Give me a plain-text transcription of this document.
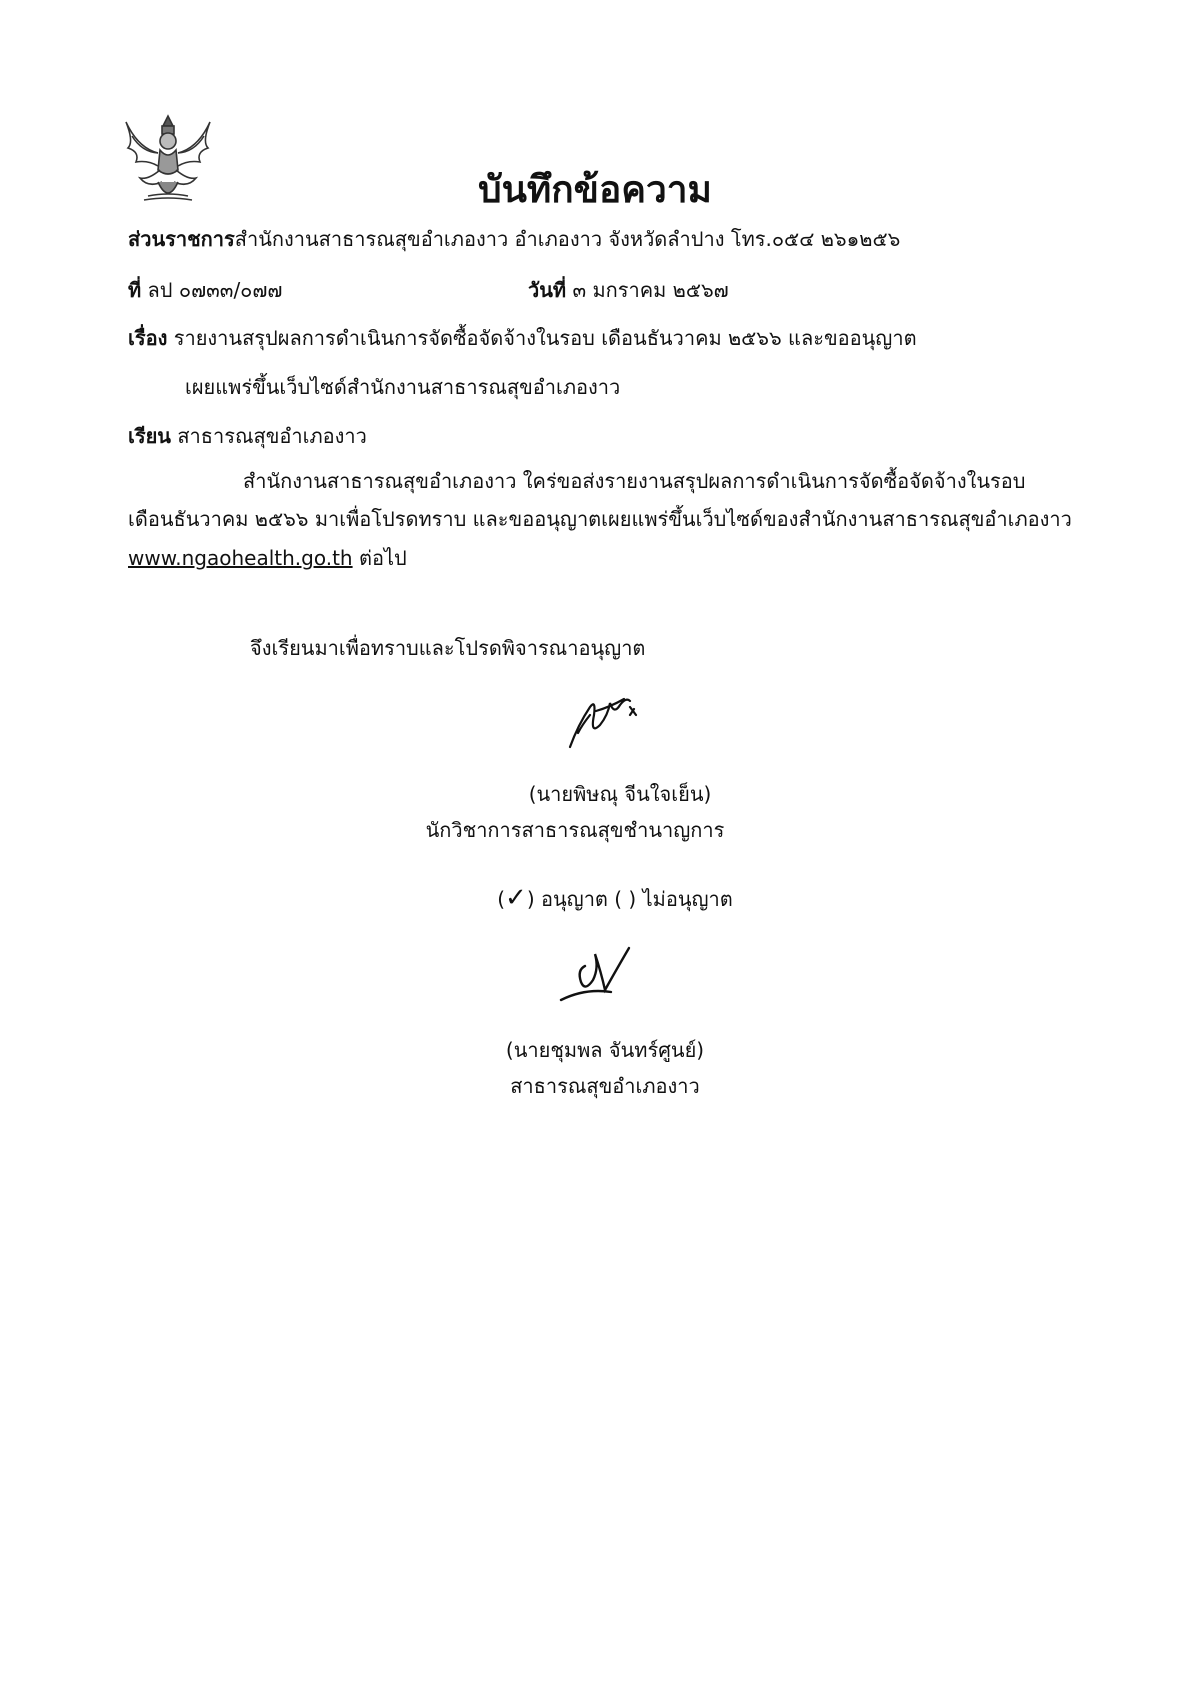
บันทึกข้อความ
ส่วนราชการสำนักงานสาธารณสุขอำเภองาว อำเภองาว จังหวัดลำปาง โทร.๐๕๔ ๒๖๑๒๕๖
ที่ ลป ๐๗๓๓/๐๗๗	วันที่ ๓ มกราคม ๒๕๖๗
เรื่อง รายงานสรุปผลการดำเนินการจัดซื้อจัดจ้างในรอบ เดือนธันวาคม ๒๕๖๖ และขออนุญาต
เผยแพร่ขึ้นเว็บไซด์สำนักงานสาธารณสุขอำเภองาว
เรียน สาธารณสุขอำเภองาว
สำนักงานสาธารณสุขอำเภองาว ใคร่ขอส่งรายงานสรุปผลการดำเนินการจัดซื้อจัดจ้างในรอบ
เดือนธันวาคม ๒๕๖๖ มาเพื่อโปรดทราบ และขออนุญาตเผยแพร่ขึ้นเว็บไซด์ของสำนักงานสาธารณสุขอำเภองาว
www.ngaohealth.go.th ต่อไป
จึงเรียนมาเพื่อทราบและโปรดพิจารณาอนุญาต
(นายพิษณุ จีนใจเย็น)
นักวิชาการสาธารณสุขชำนาญการ
(✓) อนุญาต ( ) ไม่อนุญาต
(นายชุมพล จันทร์ศูนย์)
สาธารณสุขอำเภองาว
